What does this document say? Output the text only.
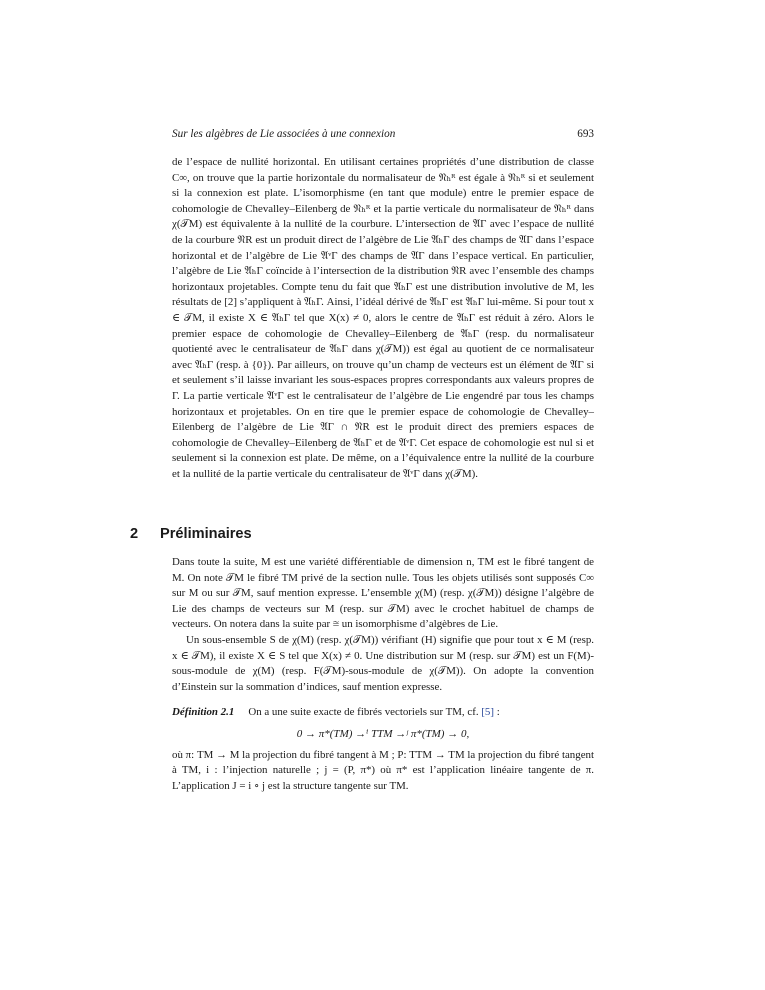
Sur les algèbres de Lie associées à une connexion	693

de l’espace de nullité horizontal. En utilisant certaines propriétés d’une distribution de classe C∞, on trouve que la partie horizontale du normalisateur de 𝔑ₕᴿ est égale à 𝔑ₕᴿ si et seulement si la connexion est plate. L’isomorphisme (en tant que module) entre le premier espace de cohomologie de Chevalley–Eilenberg de 𝔑ₕᴿ et la partie verticale du normalisateur de 𝔑ₕᴿ dans χ(𝒯M) est équivalente à la nullité de la courbure. L’intersection de 𝔄Γ avec l’espace de nullité de la courbure 𝔑R est un produit direct de l’algèbre de Lie 𝔄ₕΓ des champs de 𝔄Γ dans l’espace horizontal et de l’algèbre de Lie 𝔄ᵛΓ des champs de 𝔄Γ dans l’espace vertical. En particulier, l’algèbre de Lie 𝔄ₕΓ coïncide à l’intersection de la distribution 𝔑R avec l’ensemble des champs horizontaux projetables. Compte tenu du fait que 𝔄ₕΓ est une distribution involutive de M, les résultats de [2] s’appliquent à 𝔄ₕΓ. Ainsi, l’idéal dérivé de 𝔄ₕΓ est 𝔄ₕΓ lui-même. Si pour tout x ∈ 𝒯M, il existe X ∈ 𝔄ₕΓ tel que X(x) ≠ 0, alors le centre de 𝔄ₕΓ est réduit à zéro. Alors le premier espace de cohomologie de Chevalley–Eilenberg de 𝔄ₕΓ (resp. du normalisateur quotienté avec le centralisateur de 𝔄ₕΓ dans χ(𝒯M)) est égal au quotient de ce normalisateur avec 𝔄ₕΓ (resp. à {0}). Par ailleurs, on trouve qu’un champ de vecteurs est un élément de 𝔄Γ si et seulement s’il laisse invariant les sous-espaces propres correspondants aux valeurs propres de Γ. La partie verticale 𝔄ᵛΓ est le centralisateur de l’algèbre de Lie engendré par tous les champs horizontaux et projetables. On en tire que le premier espace de cohomologie de Chevalley–Eilenberg de l’algèbre de Lie 𝔄Γ ∩ 𝔑R est le produit direct des premiers espaces de cohomologie de Chevalley–Eilenberg de 𝔄ₕΓ et de 𝔄ᵛΓ. Cet espace de cohomologie est nul si et seulement si la connexion est plate. De même, on a l’équivalence entre la nullité de la courbure et la nullité de la partie verticale du centralisateur de 𝔄ᵛΓ dans χ(𝒯M).

2 Préliminaires

Dans toute la suite, M est une variété différentiable de dimension n, TM est le fibré tangent de M. On note 𝒯M le fibré TM privé de la section nulle. Tous les objets utilisés sont supposés C∞ sur M ou sur 𝒯M, sauf mention expresse. L’ensemble χ(M) (resp. χ(𝒯M)) désigne l’algèbre de Lie des champs de vecteurs sur M (resp. sur 𝒯M) avec le crochet habituel de champs de vecteurs. On notera dans la suite par ≅ un isomorphisme d’algèbres de Lie.

Un sous-ensemble S de χ(M) (resp. χ(𝒯M)) vérifiant (H) signifie que pour tout x ∈ M (resp. x ∈ 𝒯M), il existe X ∈ S tel que X(x) ≠ 0. Une distribution sur M (resp. sur 𝒯M) est un F(M)-sous-module de χ(M) (resp. F(𝒯M)-sous-module de χ(𝒯M)). On adopte la convention d’Einstein sur la sommation d’indices, sauf mention expresse.

Définition 2.1 On a une suite exacte de fibrés vectoriels sur TM, cf. [5] :

0 → π*(TM) →ⁱ TTM →ʲ π*(TM) → 0,

où π: TM → M la projection du fibré tangent à M ; P: TTM → TM la projection du fibré tangent à TM, i : l’injection naturelle ; j = (P, π*) où π* est l’application linéaire tangente de π. L’application J = i ∘ j est la structure tangente sur TM.
